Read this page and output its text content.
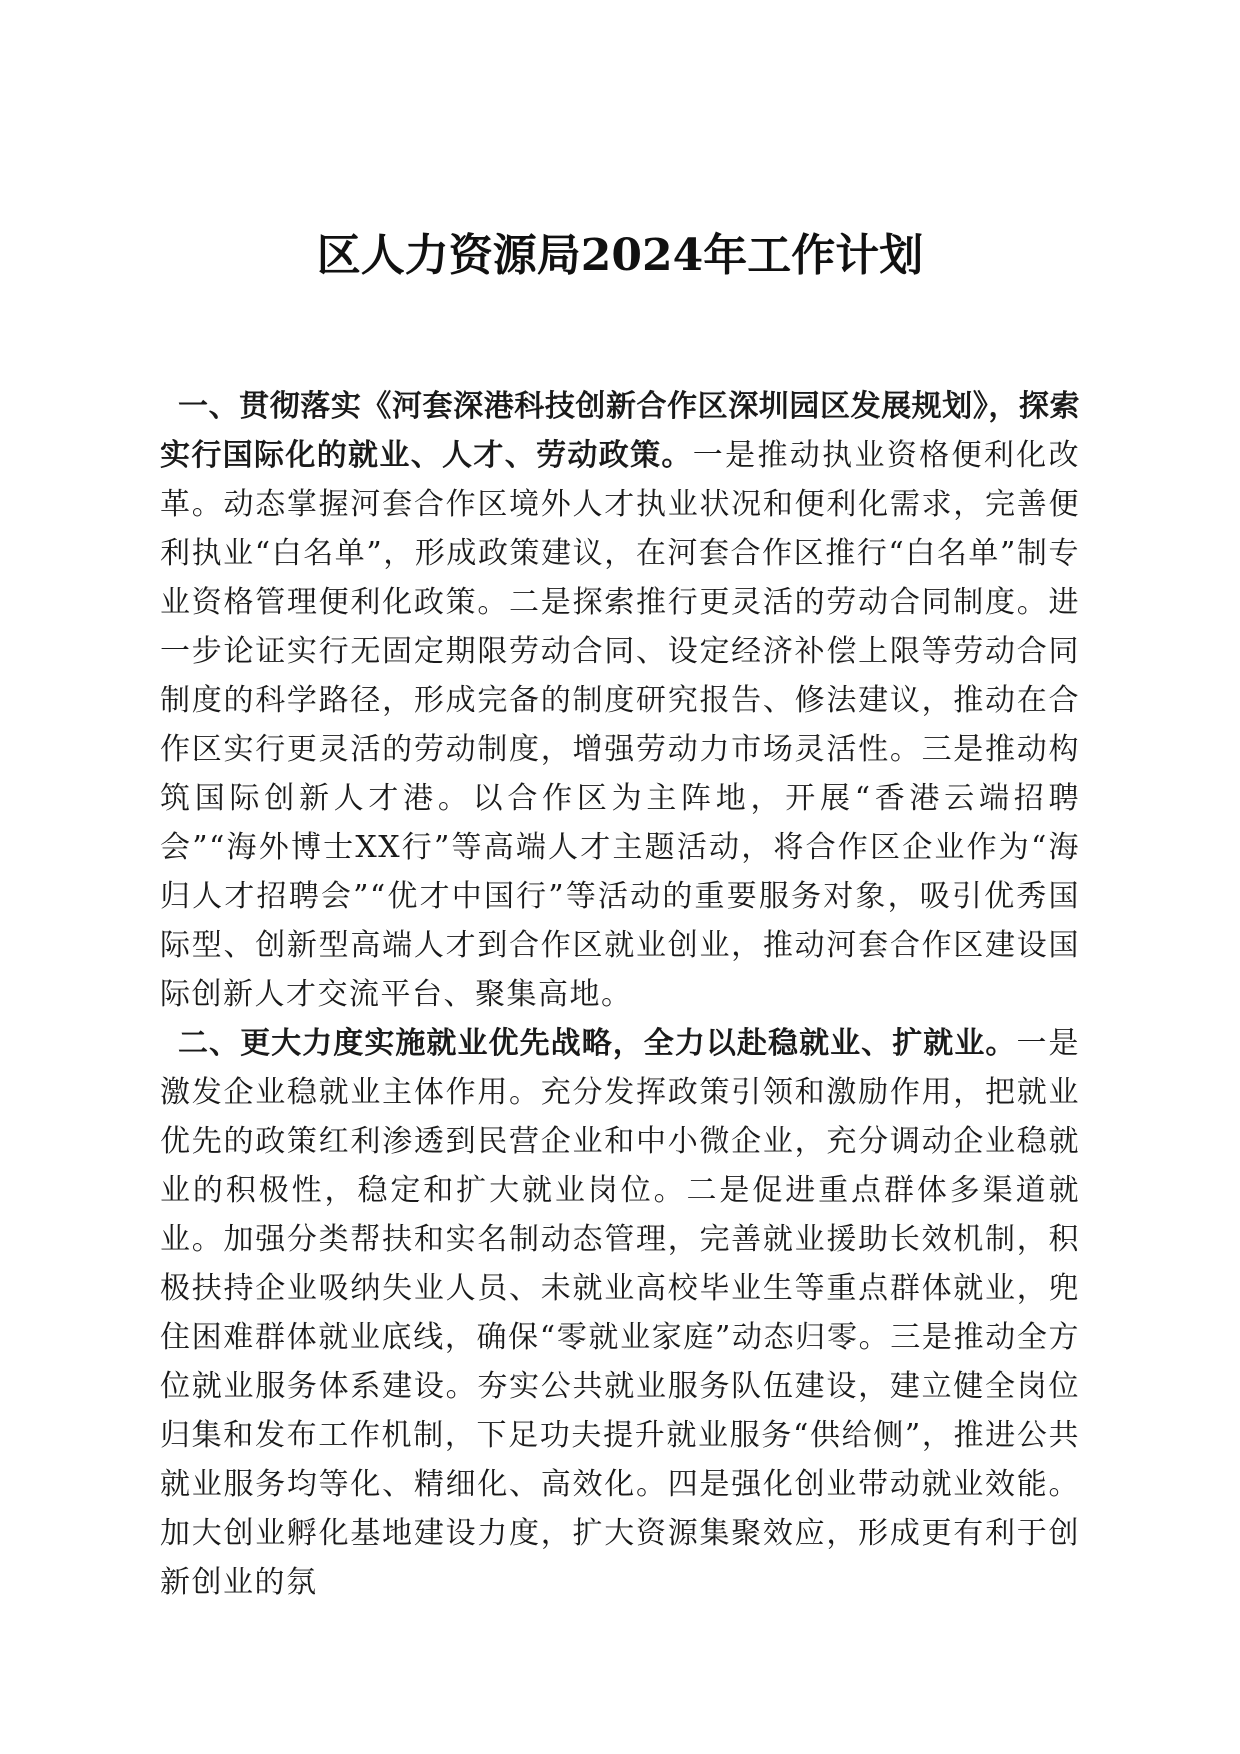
区人力资源局2024年工作计划

一、贯彻落实《河套深港科技创新合作区深圳园区发展规划》，探索实行国际化的就业、人才、劳动政策。一是推动执业资格便利化改革。动态掌握河套合作区境外人才执业状况和便利化需求，完善便利执业“白名单”，形成政策建议，在河套合作区推行“白名单”制专业资格管理便利化政策。二是探索推行更灵活的劳动合同制度。进一步论证实行无固定期限劳动合同、设定经济补偿上限等劳动合同制度的科学路径，形成完备的制度研究报告、修法建议，推动在合作区实行更灵活的劳动制度，增强劳动力市场灵活性。三是推动构筑国际创新人才港。以合作区为主阵地，开展“香港云端招聘会”“海外博士XX行”等高端人才主题活动，将合作区企业作为“海归人才招聘会”“优才中国行”等活动的重要服务对象，吸引优秀国际型、创新型高端人才到合作区就业创业，推动河套合作区建设国际创新人才交流平台、聚集高地。

二、更大力度实施就业优先战略，全力以赴稳就业、扩就业。一是激发企业稳就业主体作用。充分发挥政策引领和激励作用，把就业优先的政策红利渗透到民营企业和中小微企业，充分调动企业稳就业的积极性，稳定和扩大就业岗位。二是促进重点群体多渠道就业。加强分类帮扶和实名制动态管理，完善就业援助长效机制，积极扶持企业吸纳失业人员、未就业高校毕业生等重点群体就业，兜住困难群体就业底线，确保“零就业家庭”动态归零。三是推动全方位就业服务体系建设。夯实公共就业服务队伍建设，建立健全岗位归集和发布工作机制，下足功夫提升就业服务“供给侧”，推进公共就业服务均等化、精细化、高效化。四是强化创业带动就业效能。加大创业孵化基地建设力度，扩大资源集聚效应，形成更有利于创新创业的氛
